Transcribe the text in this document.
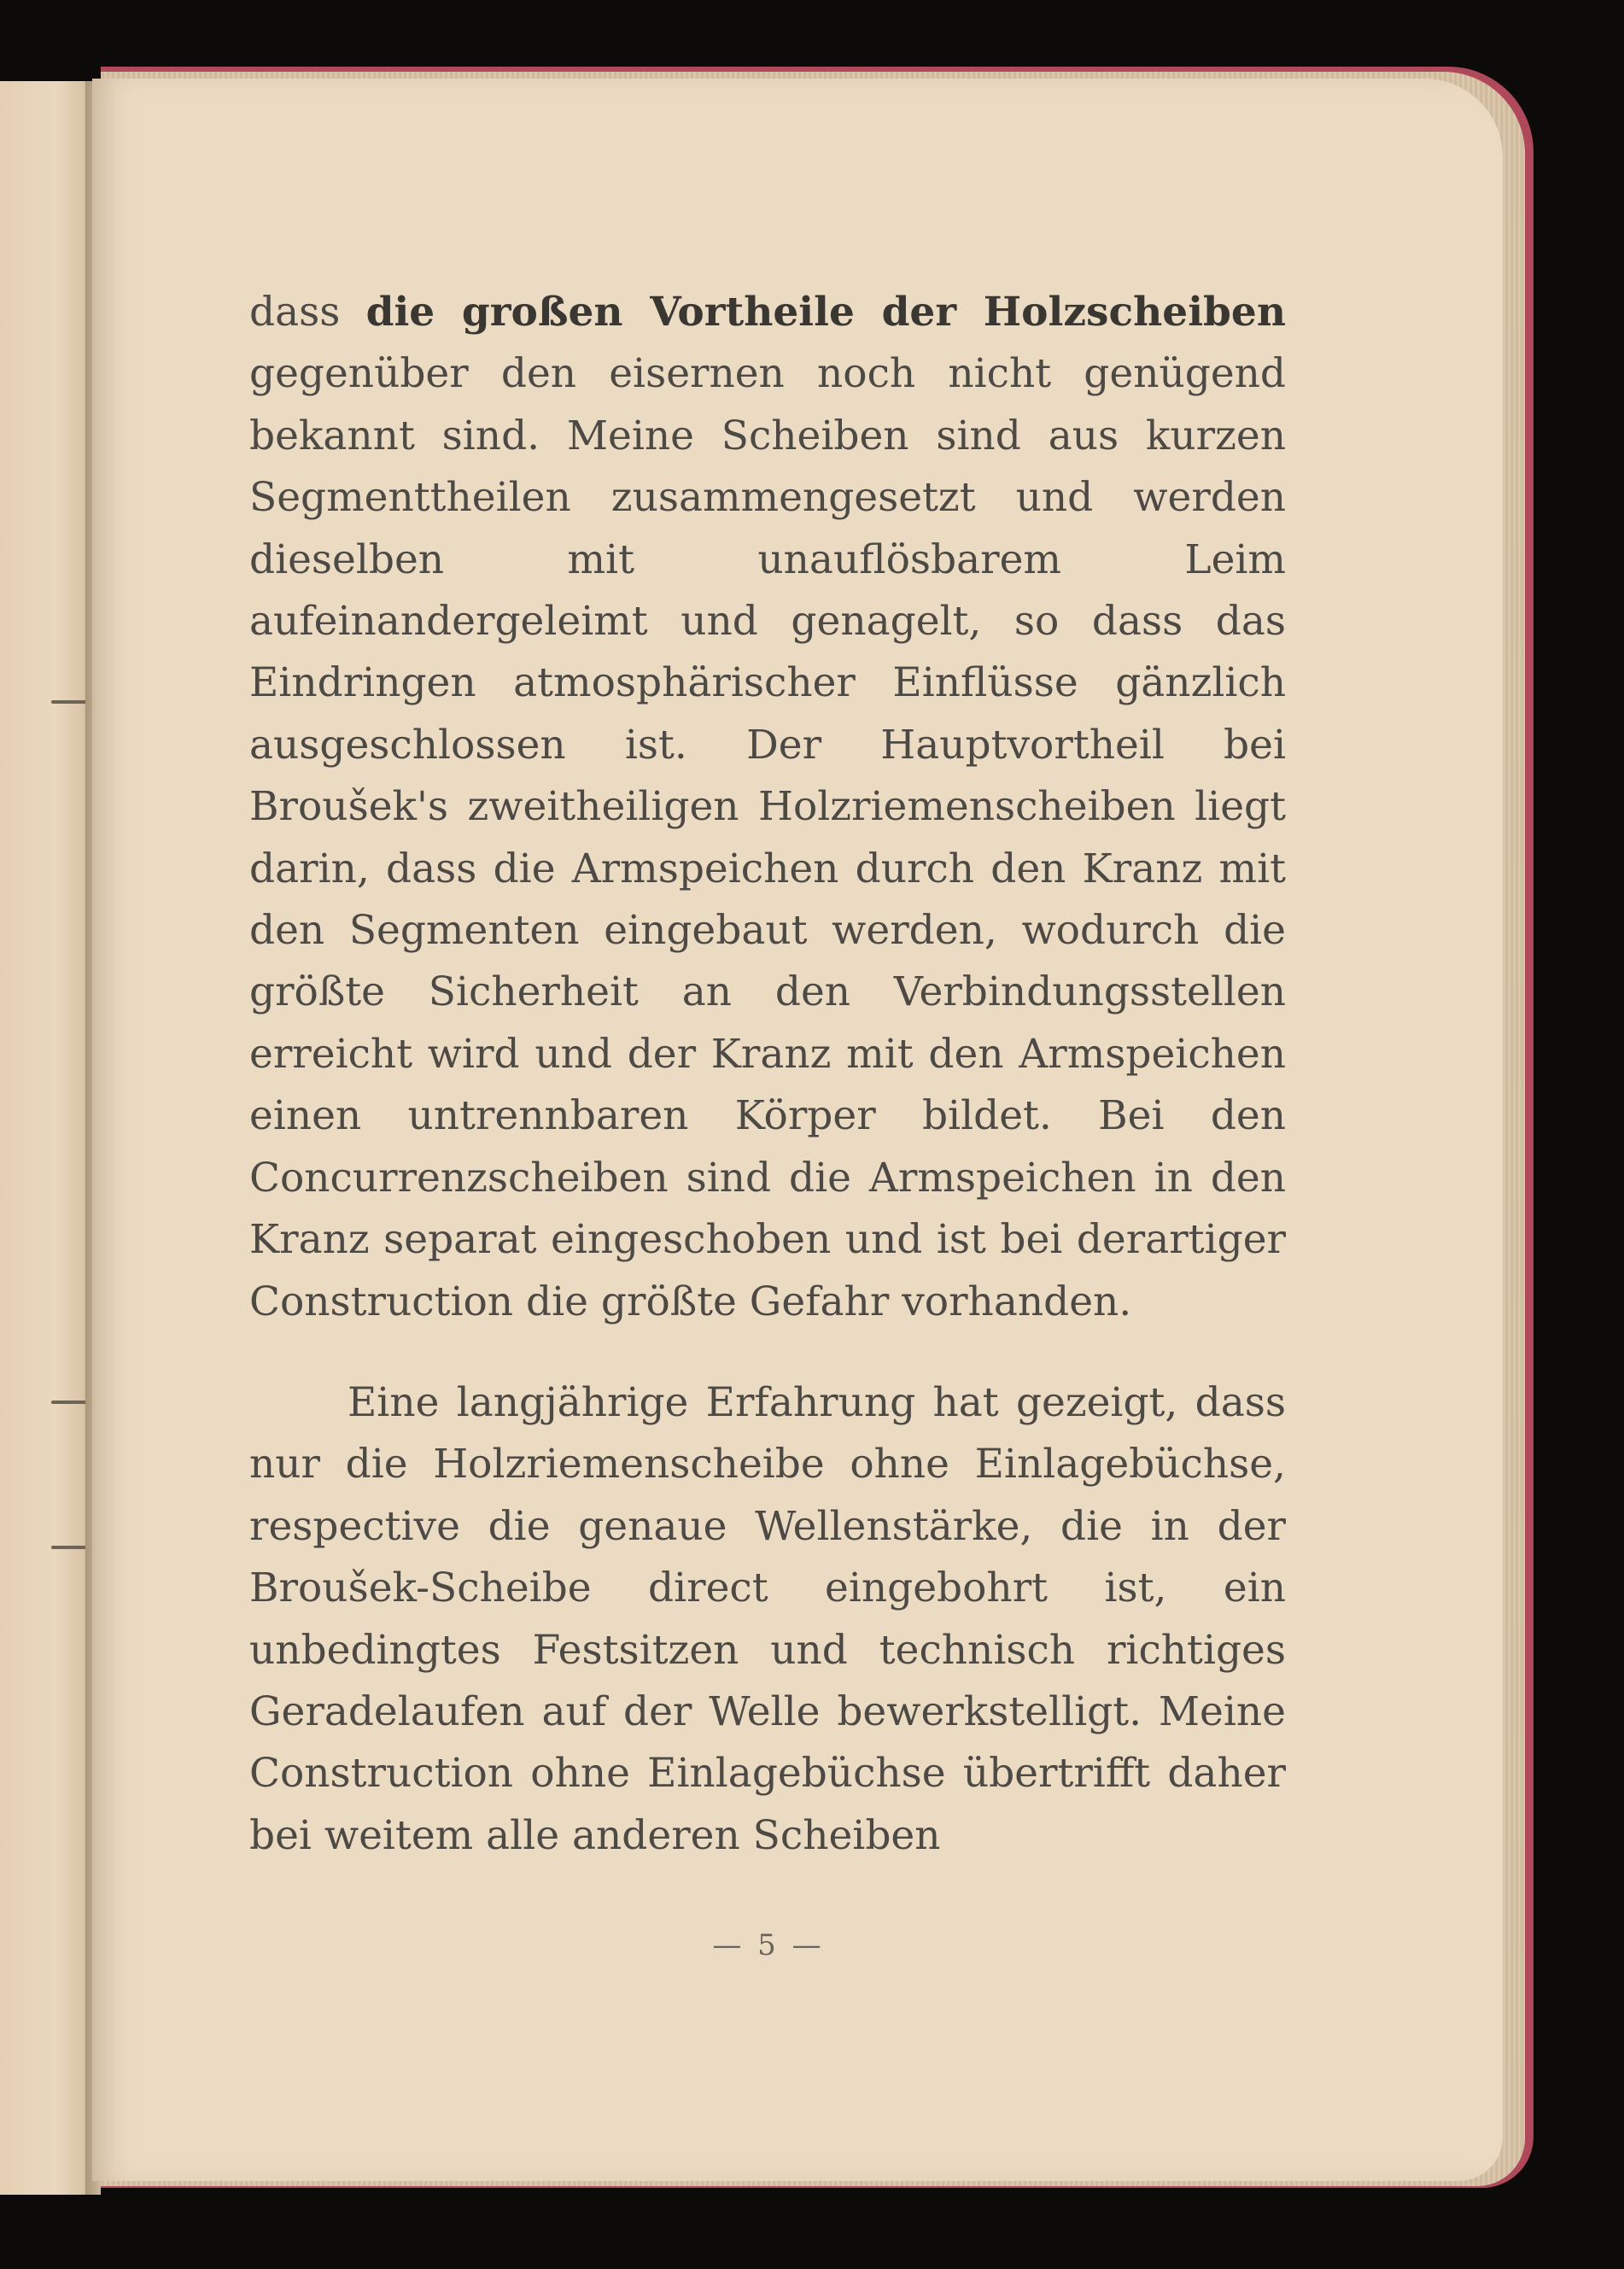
dass die großen Vortheile der Holzscheiben gegenüber den eisernen noch nicht genügend bekannt sind. Meine Scheiben sind aus kurzen Segmenttheilen zusammengesetzt und werden dieselben mit unauflösbarem Leim aufeinandergeleimt und genagelt, so dass das Eindringen atmosphärischer Einflüsse gänzlich ausgeschlossen ist. Der Hauptvortheil bei Broušek's zweitheiligen Holzriemenscheiben liegt darin, dass die Armspeichen durch den Kranz mit den Segmenten eingebaut werden, wodurch die größte Sicherheit an den Verbindungsstellen erreicht wird und der Kranz mit den Armspeichen einen untrennbaren Körper bildet. Bei den Concurrenzscheiben sind die Armspeichen in den Kranz separat eingeschoben und ist bei derartiger Construction die größte Gefahr vorhanden.

Eine langjährige Erfahrung hat gezeigt, dass nur die Holzriemenscheibe ohne Einlagebüchse, respective die genaue Wellenstärke, die in der Broušek-Scheibe direct eingebohrt ist, ein unbedingtes Festsitzen und technisch richtiges Geradelaufen auf der Welle bewerkstelligt. Meine Construction ohne Einlagebüchse übertrifft daher bei weitem alle anderen Scheiben

— 5 —
